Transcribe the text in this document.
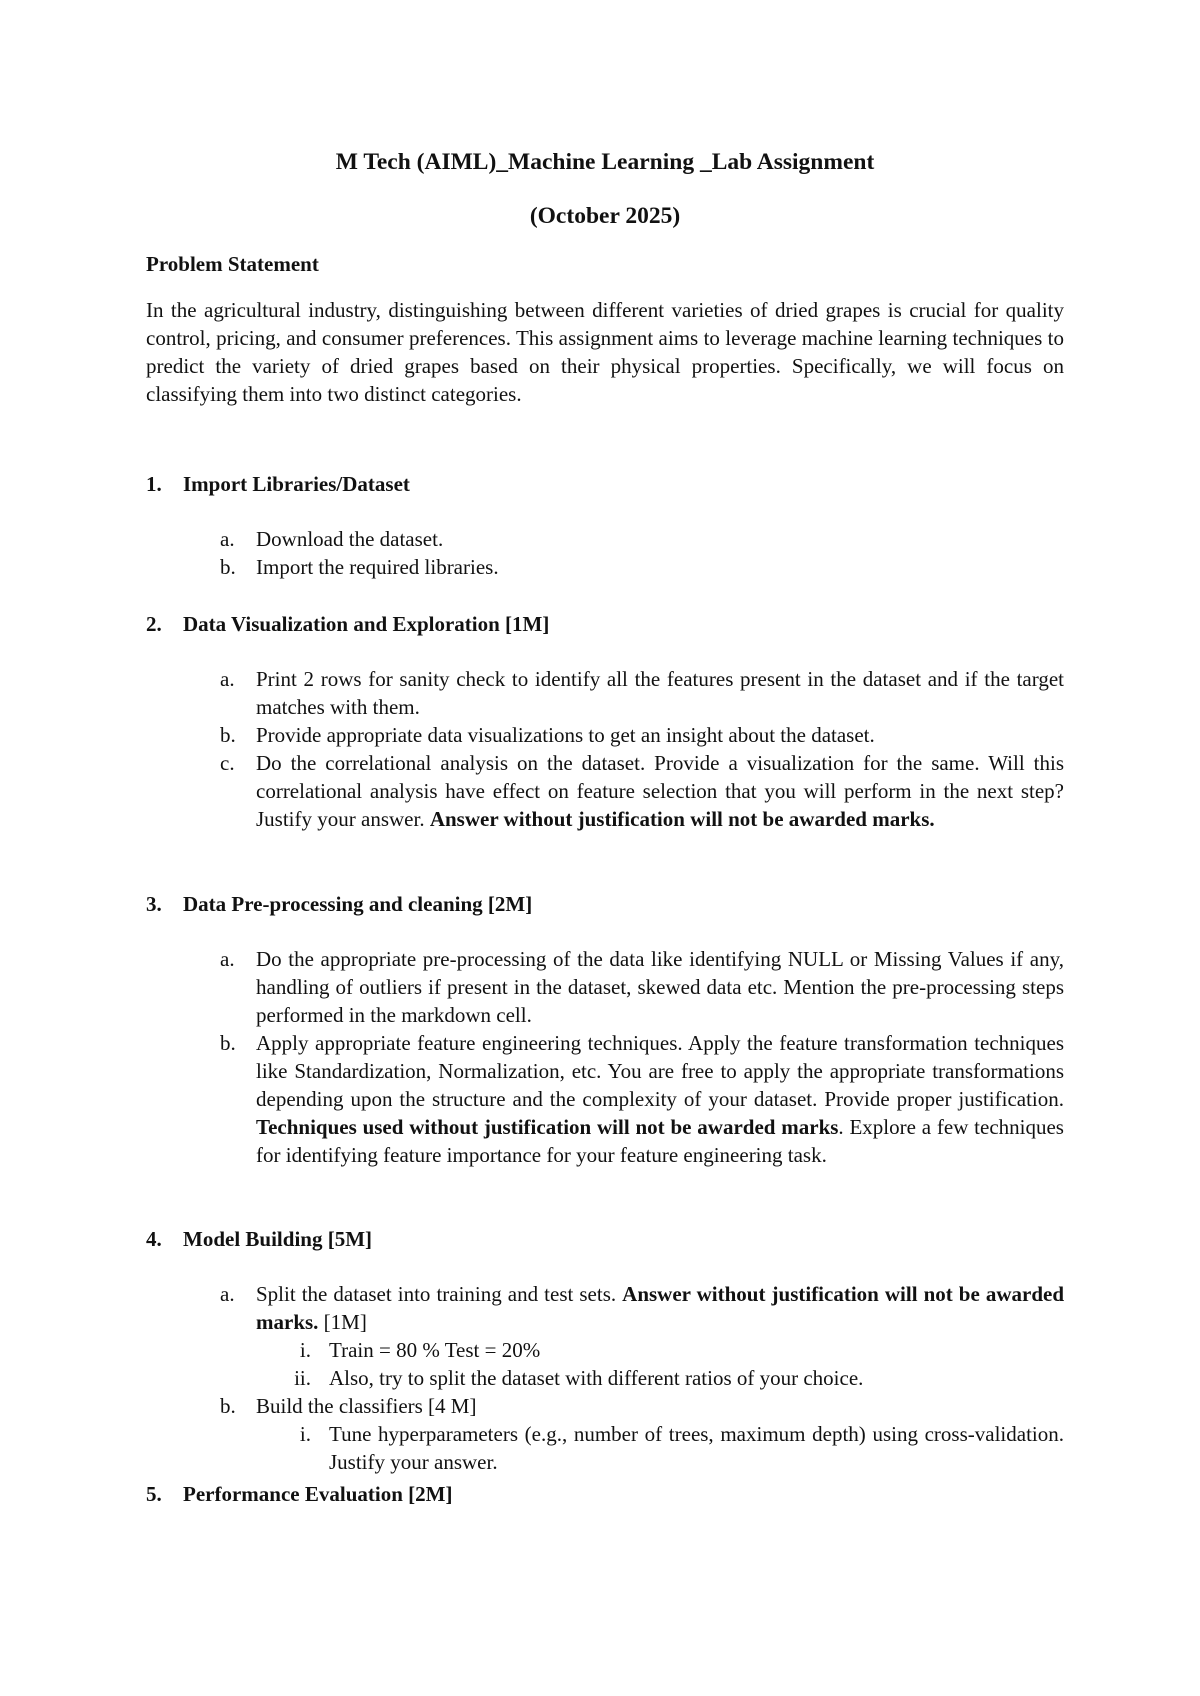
M Tech (AIML)_Machine Learning _Lab Assignment
(October 2025)
Problem Statement

In the agricultural industry, distinguishing between different varieties of dried grapes is crucial for quality control, pricing, and consumer preferences. This assignment aims to leverage machine learning techniques to predict the variety of dried grapes based on their physical properties. Specifically, we will focus on classifying them into two distinct categories.

1. Import Libraries/Dataset
a. Download the dataset.
b. Import the required libraries.
2. Data Visualization and Exploration [1M]
a. Print 2 rows for sanity check to identify all the features present in the dataset and if the target matches with them.
b. Provide appropriate data visualizations to get an insight about the dataset.
c. Do the correlational analysis on the dataset. Provide a visualization for the same. Will this correlational analysis have effect on feature selection that you will perform in the next step? Justify your answer. Answer without justification will not be awarded marks.
3. Data Pre-processing and cleaning [2M]
a. Do the appropriate pre-processing of the data like identifying NULL or Missing Values if any, handling of outliers if present in the dataset, skewed data etc. Mention the pre-processing steps performed in the markdown cell.
b. Apply appropriate feature engineering techniques. Apply the feature transformation techniques like Standardization, Normalization, etc. You are free to apply the appropriate transformations depending upon the structure and the complexity of your dataset. Provide proper justification. Techniques used without justification will not be awarded marks. Explore a few techniques for identifying feature importance for your feature engineering task.
4. Model Building [5M]
a. Split the dataset into training and test sets. Answer without justification will not be awarded marks. [1M]
i. Train = 80 % Test = 20%
ii. Also, try to split the dataset with different ratios of your choice.
b. Build the classifiers [4 M]
i. Tune hyperparameters (e.g., number of trees, maximum depth) using cross-validation. Justify your answer.
5. Performance Evaluation [2M]
